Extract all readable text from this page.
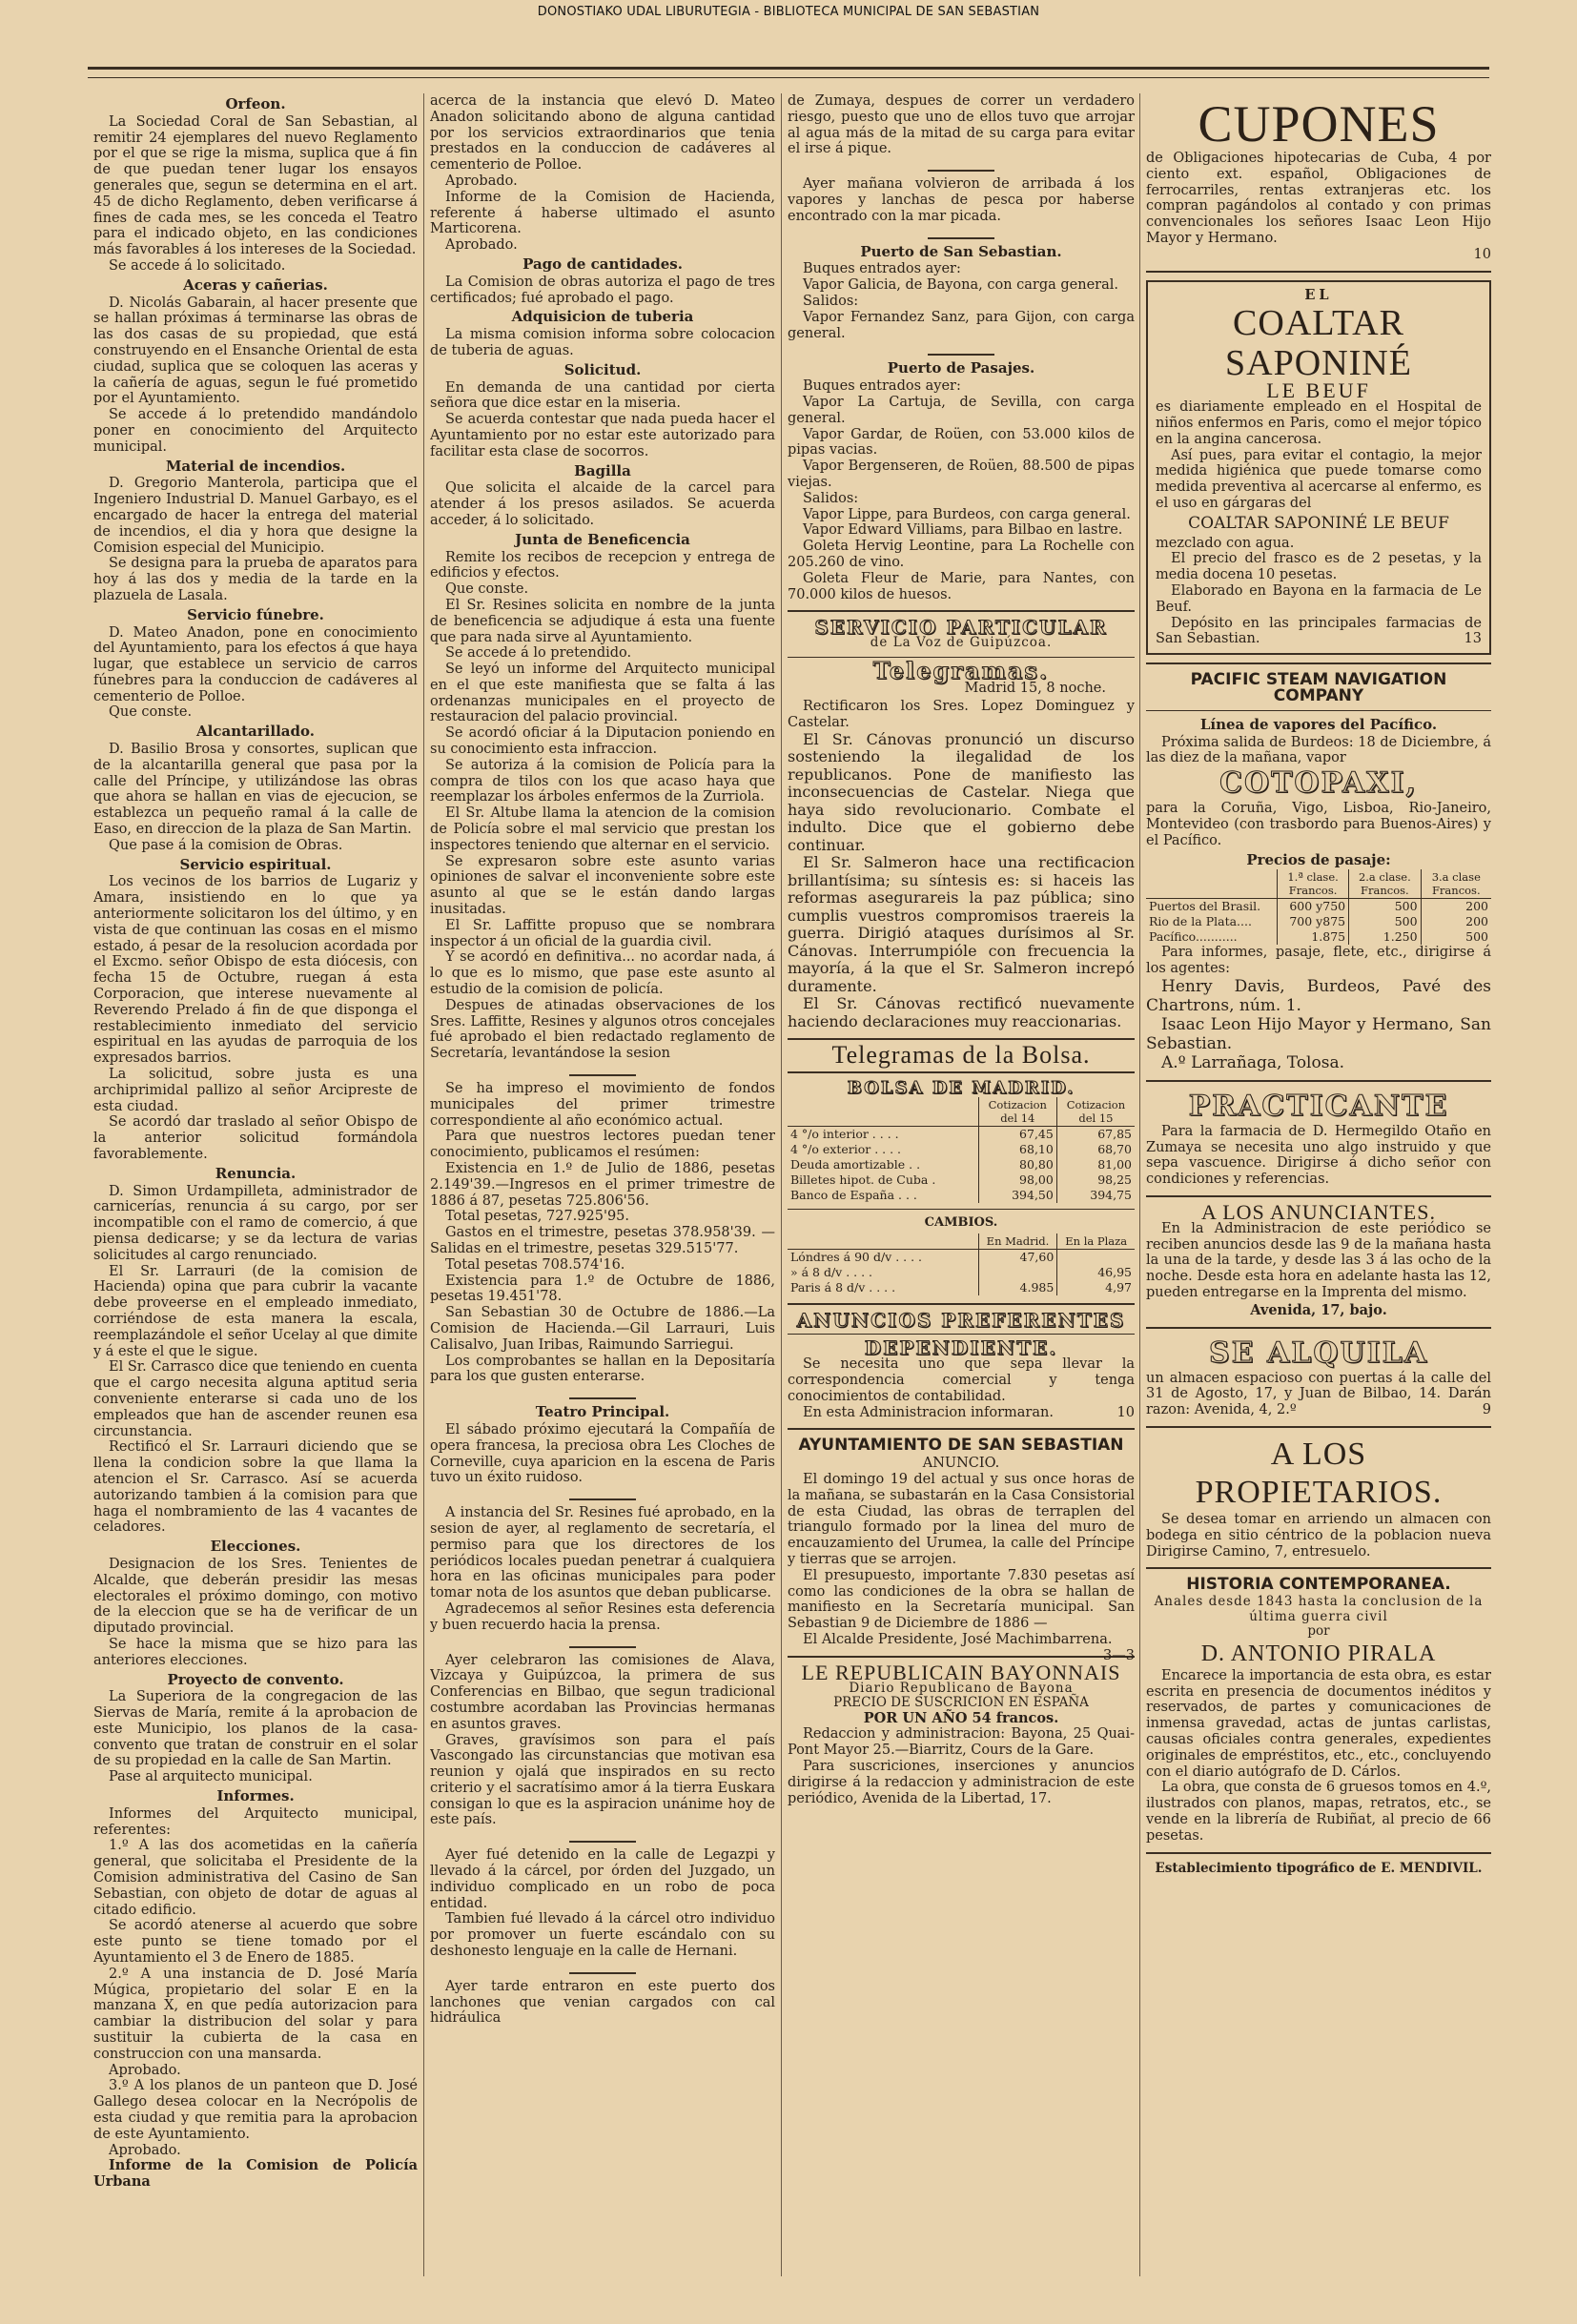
DONOSTIAKO UDAL LIBURUTEGIA - BIBLIOTECA MUNICIPAL DE SAN SEBASTIAN
Orfeon.

La Sociedad Coral de San Sebastian, al remitir 24 ejemplares del nuevo Reglamento por el que se rige la misma, suplica que á fin de que puedan tener lugar los ensayos generales que, segun se determina en el art. 45 de dicho Reglamento, deben verificarse á fines de cada mes, se les conceda el Teatro para el indicado objeto, en las condiciones más favorables á los intereses de la Sociedad.

Se accede á lo solicitado.

Aceras y cañerias.

D. Nicolás Gabarain, al hacer presente que se hallan próximas á terminarse las obras de las dos casas de su propiedad, que está construyendo en el Ensanche Oriental de esta ciudad, suplica que se coloquen las aceras y la cañería de aguas, segun le fué prometido por el Ayuntamiento.

Se accede á lo pretendido mandándolo poner en conocimiento del Arquitecto municipal.

Material de incendios.

D. Gregorio Manterola, participa que el Ingeniero Industrial D. Manuel Garbayo, es el encargado de hacer la entrega del material de incendios, el dia y hora que designe la Comision especial del Municipio.

Se designa para la prueba de aparatos para hoy á las dos y media de la tarde en la plazuela de Lasala.

Servicio fúnebre.

D. Mateo Anadon, pone en conocimiento del Ayuntamiento, para los efectos á que haya lugar, que establece un servicio de carros fúnebres para la conduccion de cadáveres al cementerio de Polloe.

Que conste.

Alcantarillado.

D. Basilio Brosa y consortes, suplican que de la alcantarilla general que pasa por la calle del Príncipe, y utilizándose las obras que ahora se hallan en vias de ejecucion, se establezca un pequeño ramal á la calle de Easo, en direccion de la plaza de San Martin.

Que pase á la comision de Obras.

Servicio espiritual.

Los vecinos de los barrios de Lugariz y Amara, insistiendo en lo que ya anteriormente solicitaron los del último, y en vista de que continuan las cosas en el mismo estado, á pesar de la resolucion acordada por el Excmo. señor Obispo de esta diócesis, con fecha 15 de Octubre, ruegan á esta Corporacion, que interese nuevamente al Reverendo Prelado á fin de que disponga el restablecimiento inmediato del servicio espiritual en las ayudas de parroquia de los expresados barrios.

La solicitud, sobre justa es una archiprimidal pallizo al señor Arcipreste de esta ciudad.

Se acordó dar traslado al señor Obispo de la anterior solicitud formándola favorablemente.

Renuncia.

D. Simon Urdampilleta, administrador de carnicerías, renuncia á su cargo, por ser incompatible con el ramo de comercio, á que piensa dedicarse; y se da lectura de varias solicitudes al cargo renunciado.

El Sr. Larrauri (de la comision de Hacienda) opina que para cubrir la vacante debe proveerse en el empleado inmediato, corriéndose de esta manera la escala, reemplazándole el señor Ucelay al que dimite y á este el que le sigue.

El Sr. Carrasco dice que teniendo en cuenta que el cargo necesita alguna aptitud seria conveniente enterarse si cada uno de los empleados que han de ascender reunen esa circunstancia.

Rectificó el Sr. Larrauri diciendo que se llena la condicion sobre la que llama la atencion el Sr. Carrasco. Así se acuerda autorizando tambien á la comision para que haga el nombramiento de las 4 vacantes de celadores.

Elecciones.

Designacion de los Sres. Tenientes de Alcalde, que deberán presidir las mesas electorales el próximo domingo, con motivo de la eleccion que se ha de verificar de un diputado provincial.

Se hace la misma que se hizo para las anteriores elecciones.

Proyecto de convento.

La Superiora de la congregacion de las Siervas de María, remite á la aprobacion de este Municipio, los planos de la casa-convento que tratan de construir en el solar de su propiedad en la calle de San Martin.

Pase al arquitecto municipal.

Informes.

Informes del Arquitecto municipal, referentes:

1.º A las dos acometidas en la cañería general, que solicitaba el Presidente de la Comision administrativa del Casino de San Sebastian, con objeto de dotar de aguas al citado edificio.

Se acordó atenerse al acuerdo que sobre este punto se tiene tomado por el Ayuntamiento el 3 de Enero de 1885.

2.º A una instancia de D. José María Múgica, propietario del solar E en la manzana X, en que pedía autorizacion para cambiar la distribucion del solar y para sustituir la cubierta de la casa en construccion con una mansarda.

Aprobado.

3.º A los planos de un panteon que D. José Gallego desea colocar en la Necrópolis de esta ciudad y que remitia para la aprobacion de este Ayuntamiento.

Aprobado.

Informe de la Comision de Policía Urbana

acerca de la instancia que elevó D. Mateo Anadon solicitando abono de alguna cantidad por los servicios extraordinarios que tenia prestados en la conduccion de cadáveres al cementerio de Polloe.

Aprobado.

Informe de la Comision de Hacienda, referente á haberse ultimado el asunto Marticorena.

Aprobado.

Pago de cantidades.

La Comision de obras autoriza el pago de tres certificados; fué aprobado el pago.

Adquisicion de tuberia

La misma comision informa sobre colocacion de tuberia de aguas.

Solicitud.

En demanda de una cantidad por cierta señora que dice estar en la miseria.

Se acuerda contestar que nada pueda hacer el Ayuntamiento por no estar este autorizado para facilitar esta clase de socorros.

Bagilla

Que solicita el alcaide de la carcel para atender á los presos asilados. Se acuerda acceder, á lo solicitado.

Junta de Beneficencia

Remite los recibos de recepcion y entrega de edificios y efectos.

Que conste.

El Sr. Resines solicita en nombre de la junta de beneficencia se adjudique á esta una fuente que para nada sirve al Ayuntamiento.

Se accede á lo pretendido.

Se leyó un informe del Arquitecto municipal en el que este manifiesta que se falta á las ordenanzas municipales en el proyecto de restauracion del palacio provincial.

Se acordó oficiar á la Diputacion poniendo en su conocimiento esta infraccion.

Se autoriza á la comision de Policía para la compra de tilos con los que acaso haya que reemplazar los árboles enfermos de la Zurriola.

El Sr. Altube llama la atencion de la comision de Policía sobre el mal servicio que prestan los inspectores teniendo que alternar en el servicio.

Se expresaron sobre este asunto varias opiniones de salvar el inconveniente sobre este asunto al que se le están dando largas inusitadas.

El Sr. Laffitte propuso que se nombrara inspector á un oficial de la guardia civil.

Y se acordó en definitiva... no acordar nada, á lo que es lo mismo, que pase este asunto al estudio de la comision de policía.

Despues de atinadas observaciones de los Sres. Laffitte, Resines y algunos otros concejales fué aprobado el bien redactado reglamento de Secretaría, levantándose la sesion

Se ha impreso el movimiento de fondos municipales del primer trimestre correspondiente al año económico actual.

Para que nuestros lectores puedan tener conocimiento, publicamos el resúmen:

Existencia en 1.º de Julio de 1886, pesetas 2.149'39.—Ingresos en el primer trimestre de 1886 á 87, pesetas 725.806'56.

Total pesetas, 727.925'95.

Gastos en el trimestre, pesetas 378.958'39. —Salidas en el trimestre, pesetas 329.515'77.

Total pesetas 708.574'16.

Existencia para 1.º de Octubre de 1886, pesetas 19.451'78.

San Sebastian 30 de Octubre de 1886.—La Comision de Hacienda.—Gil Larrauri, Luis Calisalvo, Juan Iribas, Raimundo Sarriegui.

Los comprobantes se hallan en la Depositaría para los que gusten enterarse.

Teatro Principal.

El sábado próximo ejecutará la Compañía de opera francesa, la preciosa obra Les Cloches de Corneville, cuya aparicion en la escena de Paris tuvo un éxito ruidoso.

A instancia del Sr. Resines fué aprobado, en la sesion de ayer, al reglamento de secretaría, el permiso para que los directores de los periódicos locales puedan penetrar á cualquiera hora en las oficinas municipales para poder tomar nota de los asuntos que deban publicarse.

Agradecemos al señor Resines esta deferencia y buen recuerdo hacia la prensa.

Ayer celebraron las comisiones de Alava, Vizcaya y Guipúzcoa, la primera de sus Conferencias en Bilbao, que segun tradicional costumbre acordaban las Provincias hermanas en asuntos graves.

Graves, gravísimos son para el país Vascongado las circunstancias que motivan esa reunion y ojalá que inspirados en su recto criterio y el sacratísimo amor á la tierra Euskara consigan lo que es la aspiracion unánime hoy de este país.

Ayer fué detenido en la calle de Legazpi y llevado á la cárcel, por órden del Juzgado, un individuo complicado en un robo de poca entidad.

Tambien fué llevado á la cárcel otro individuo por promover un fuerte escándalo con su deshonesto lenguaje en la calle de Hernani.

Ayer tarde entraron en este puerto dos lanchones que venian cargados con cal hidráulica

de Zumaya, despues de correr un verdadero riesgo, puesto que uno de ellos tuvo que arrojar al agua más de la mitad de su carga para evitar el irse á pique.

Ayer mañana volvieron de arribada á los vapores y lanchas de pesca por haberse encontrado con la mar picada.

Puerto de San Sebastian.

Buques entrados ayer:

Vapor Galicia, de Bayona, con carga general.

Salidos:

Vapor Fernandez Sanz, para Gijon, con carga general.

Puerto de Pasajes.

Buques entrados ayer:

Vapor La Cartuja, de Sevilla, con carga general.

Vapor Gardar, de Roüen, con 53.000 kilos de pipas vacias.

Vapor Bergenseren, de Roüen, 88.500 de pipas viejas.

Salidos:

Vapor Lippe, para Burdeos, con carga general.

Vapor Edward Villiams, para Bilbao en lastre.

Goleta Hervig Leontine, para La Rochelle con 205.260 de vino.

Goleta Fleur de Marie, para Nantes, con 70.000 kilos de huesos.

SERVICIO PARTICULAR
de La Voz de Guipúzcoa.
Telegramas.

Madrid 15, 8 noche.

Rectificaron los Sres. Lopez Dominguez y Castelar.

El Sr. Cánovas pronunció un discurso sosteniendo la ilegalidad de los republicanos. Pone de manifiesto las inconsecuencias de Castelar. Niega que haya sido revolucionario. Combate el indulto. Dice que el gobierno debe continuar.

El Sr. Salmeron hace una rectificacion brillantísima; su síntesis es: si haceis las reformas asegurareis la paz pública; sino cumplis vuestros compromisos traereis la guerra. Dirigió ataques durísimos al Sr. Cánovas. Interrumpióle con frecuencia la mayoría, á la que el Sr. Salmeron increpó duramente.

El Sr. Cánovas rectificó nuevamente haciendo declaraciones muy reaccionarias.

Telegramas de la Bolsa.
BOLSA DE MADRID.
	Cotizacion del 14	Cotizacion del 15
4 °/o interior . . . .	67,45	67,85
4 °/o exterior . . . .	68,10	68,70
Deuda amortizable . .	80,80	81,00
Billetes hipot. de Cuba .	98,00	98,25
Banco de España . . .	394,50	394,75
CAMBIOS.
	En Madrid.	En la Plaza
Lóndres á 90 d/v . . . .	47,60	
» á 8 d/v . . . .		46,95
Paris á 8 d/v . . . .	4.985	4,97
ANUNCIOS PREFERENTES
DEPENDIENTE.

Se necesita uno que sepa llevar la correspondencia comercial y tenga conocimientos de contabilidad.

En esta Administracion informaran.	10

AYUNTAMIENTO DE SAN SEBASTIAN
ANUNCIO.

El domingo 19 del actual y sus once horas de la mañana, se subastarán en la Casa Consistorial de esta Ciudad, las obras de terraplen del triangulo formado por la linea del muro de encauzamiento del Urumea, la calle del Príncipe y tierras que se arrojen.

El presupuesto, importante 7.830 pesetas así como las condiciones de la obra se hallan de manifiesto en la Secretaría municipal. San Sebastian 9 de Diciembre de 1886 —

El Alcalde Presidente, José Machimbarrena.
3—3

LE REPUBLICAIN BAYONNAIS
Diario Republicano de Bayona
PRECIO DE SUSCRICION EN ESPAÑA
POR UN AÑO 54 francos.

Redaccion y administracion: Bayona, 25 Quai-Pont Mayor 25.—Biarritz, Cours de la Gare.

Para suscriciones, inserciones y anuncios dirigirse á la redaccion y administracion de este periódico, Avenida de la Libertad, 17.

CUPONES

de Obligaciones hipotecarias de Cuba, 4 por ciento ext. español, Obligaciones de ferrocarriles, rentas extranjeras etc. los compran pagándolos al contado y con primas convencionales los señores Isaac Leon Hijo Mayor y Hermano.

10
EL
COALTAR SAPONINÉ
LE BEUF

es diariamente empleado en el Hospital de niños enfermos en Paris, como el mejor tópico en la angina cancerosa.

Así pues, para evitar el contagio, la mejor medida higiénica que puede tomarse como medida preventiva al acercarse al enfermo, es el uso en gárgaras del

COALTAR SAPONINÉ LE BEUF

mezclado con agua.

El precio del frasco es de 2 pesetas, y la media docena 10 pesetas.

Elaborado en Bayona en la farmacia de Le Beuf.

Depósito en las principales farmacias de San Sebastian.	13

PACIFIC STEAM NAVIGATION COMPANY
Línea de vapores del Pacífico.

Próxima salida de Burdeos: 18 de Diciembre, á las diez de la mañana, vapor

COTOPAXI,

para la Coruña, Vigo, Lisboa, Rio-Janeiro, Montevideo (con trasbordo para Buenos-Aires) y el Pacífico.

Precios de pasaje:
	1.ª clase. Francos.	2.a clase. Francos.	3.a clase Francos.
Puertos del Brasil.	600 y750	500	200
Rio de la Plata....	700 y875	500	200
Pacífico...........	1.875	1.250	500

Para informes, pasaje, flete, etc., dirigirse á los agentes:

Henry Davis, Burdeos, Pavé des Chartrons, núm. 1.

Isaac Leon Hijo Mayor y Hermano, San Sebastian.

A.º Larrañaga, Tolosa.

PRACTICANTE

Para la farmacia de D. Hermegildo Otaño en Zumaya se necesita uno algo instruido y que sepa vascuence. Dirigirse á dicho señor con condiciones y referencias.

A LOS ANUNCIANTES.

En la Administracion de este periódico se reciben anuncios desde las 9 de la mañana hasta la una de la tarde, y desde las 3 á las ocho de la noche. Desde esta hora en adelante hasta las 12, pueden entregarse en la Imprenta del mismo.

Avenida, 17, bajo.

SE ALQUILA

un almacen espacioso con puertas á la calle del 31 de Agosto, 17, y Juan de Bilbao, 14. Darán razon: Avenida, 4, 2.º	9

A LOS PROPIETARIOS.

Se desea tomar en arriendo un almacen con bodega en sitio céntrico de la poblacion nueva Dirigirse Camino, 7, entresuelo.

HISTORIA CONTEMPORANEA.
Anales desde 1843 hasta la conclusion de la
última guerra civil
por
D. ANTONIO PIRALA

Encarece la importancia de esta obra, es estar escrita en presencia de documentos inéditos y reservados, de partes y comunicaciones de inmensa gravedad, actas de juntas carlistas, causas oficiales contra generales, expedientes originales de empréstitos, etc., etc., concluyendo con el diario autógrafo de D. Cárlos.

La obra, que consta de 6 gruesos tomos en 4.º, ilustrados con planos, mapas, retratos, etc., se vende en la librería de Rubiñat, al precio de 66 pesetas.

Establecimiento tipográfico de E. MENDIVIL.
